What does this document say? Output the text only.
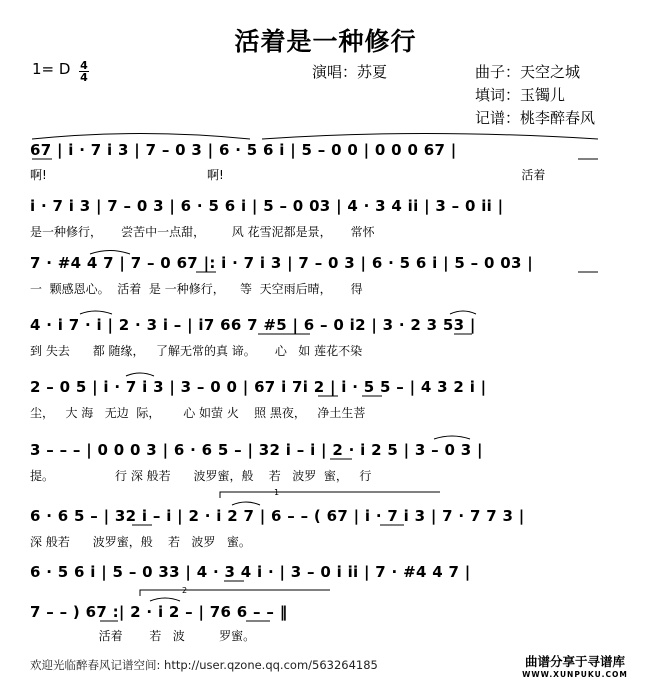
活着是一种修行
1= D 4
4	演唱：苏夏	曲子：天空之城
填词：玉镯儿
记谱：桃李醉春风
67 | i · 7 i 3 | 7 – 0 3 | 6 · 5 6 i | 5 – 0 0 | 0 0 0 67 |
啊!                                          啊!                                                                              活着
i · 7 i 3 | 7 – 0 3 | 6 · 5 6 i | 5 – 0 03 | 4 · 3 4 ii | 3 – 0 ii |
是一种修行，     尝苦中一点甜，       风 花雪泥都是景，     常怀
7 · #4 4 7 | 7 – 0 67 |: i · 7 i 3 | 7 – 0 3 | 6 · 5 6 i | 5 – 0 03 |
一  颗感恩心。  活着  是 一种修行，    等  天空雨后晴，     得
4 · i 7 · i | 2 · 3 i – | i7 66 7 #5 | 6 – 0 i2 | 3 · 2 3 53 |
到 失去      都 随缘，   了解无常的真 谛。     心   如 莲花不染
2 – 0 5 | i · 7 i 3 | 3 – 0 0 | 67 i 7i 2 | i · 5 5 – | 4 3 2 i |
尘，   大 海   无边  际，      心 如萤 火    照 黑夜，   净土生菩
3 – – – | 0 0 0 3 | 6 · 6 5 – | 32 i – i | 2 · i 2 5 | 3 – 0 3 |
提。                行 深 般若      波罗蜜，般    若   波罗  蜜，   行
6 · 6 5 – | 32 i – i | 2 · i 2 7 | 6 – – ( 67 | i · 7 i 3 | 7 · 7 7 3 |
深 般若      波罗蜜，般    若   波罗   蜜。
6 · 5 6 i | 5 – 0 33 | 4 · 3 4 i · | 3 – 0 i ii | 7 · #4 4 7 |
7 – – ) 67 :| 2 · i 2 – | 76 6 – – ‖
活着       若   波         罗蜜。
1
2
欢迎光临醉春风记谱空间: http://user.qzone.qq.com/563264185	曲谱分享于寻谱库
WWW.XUNPUKU.COM
